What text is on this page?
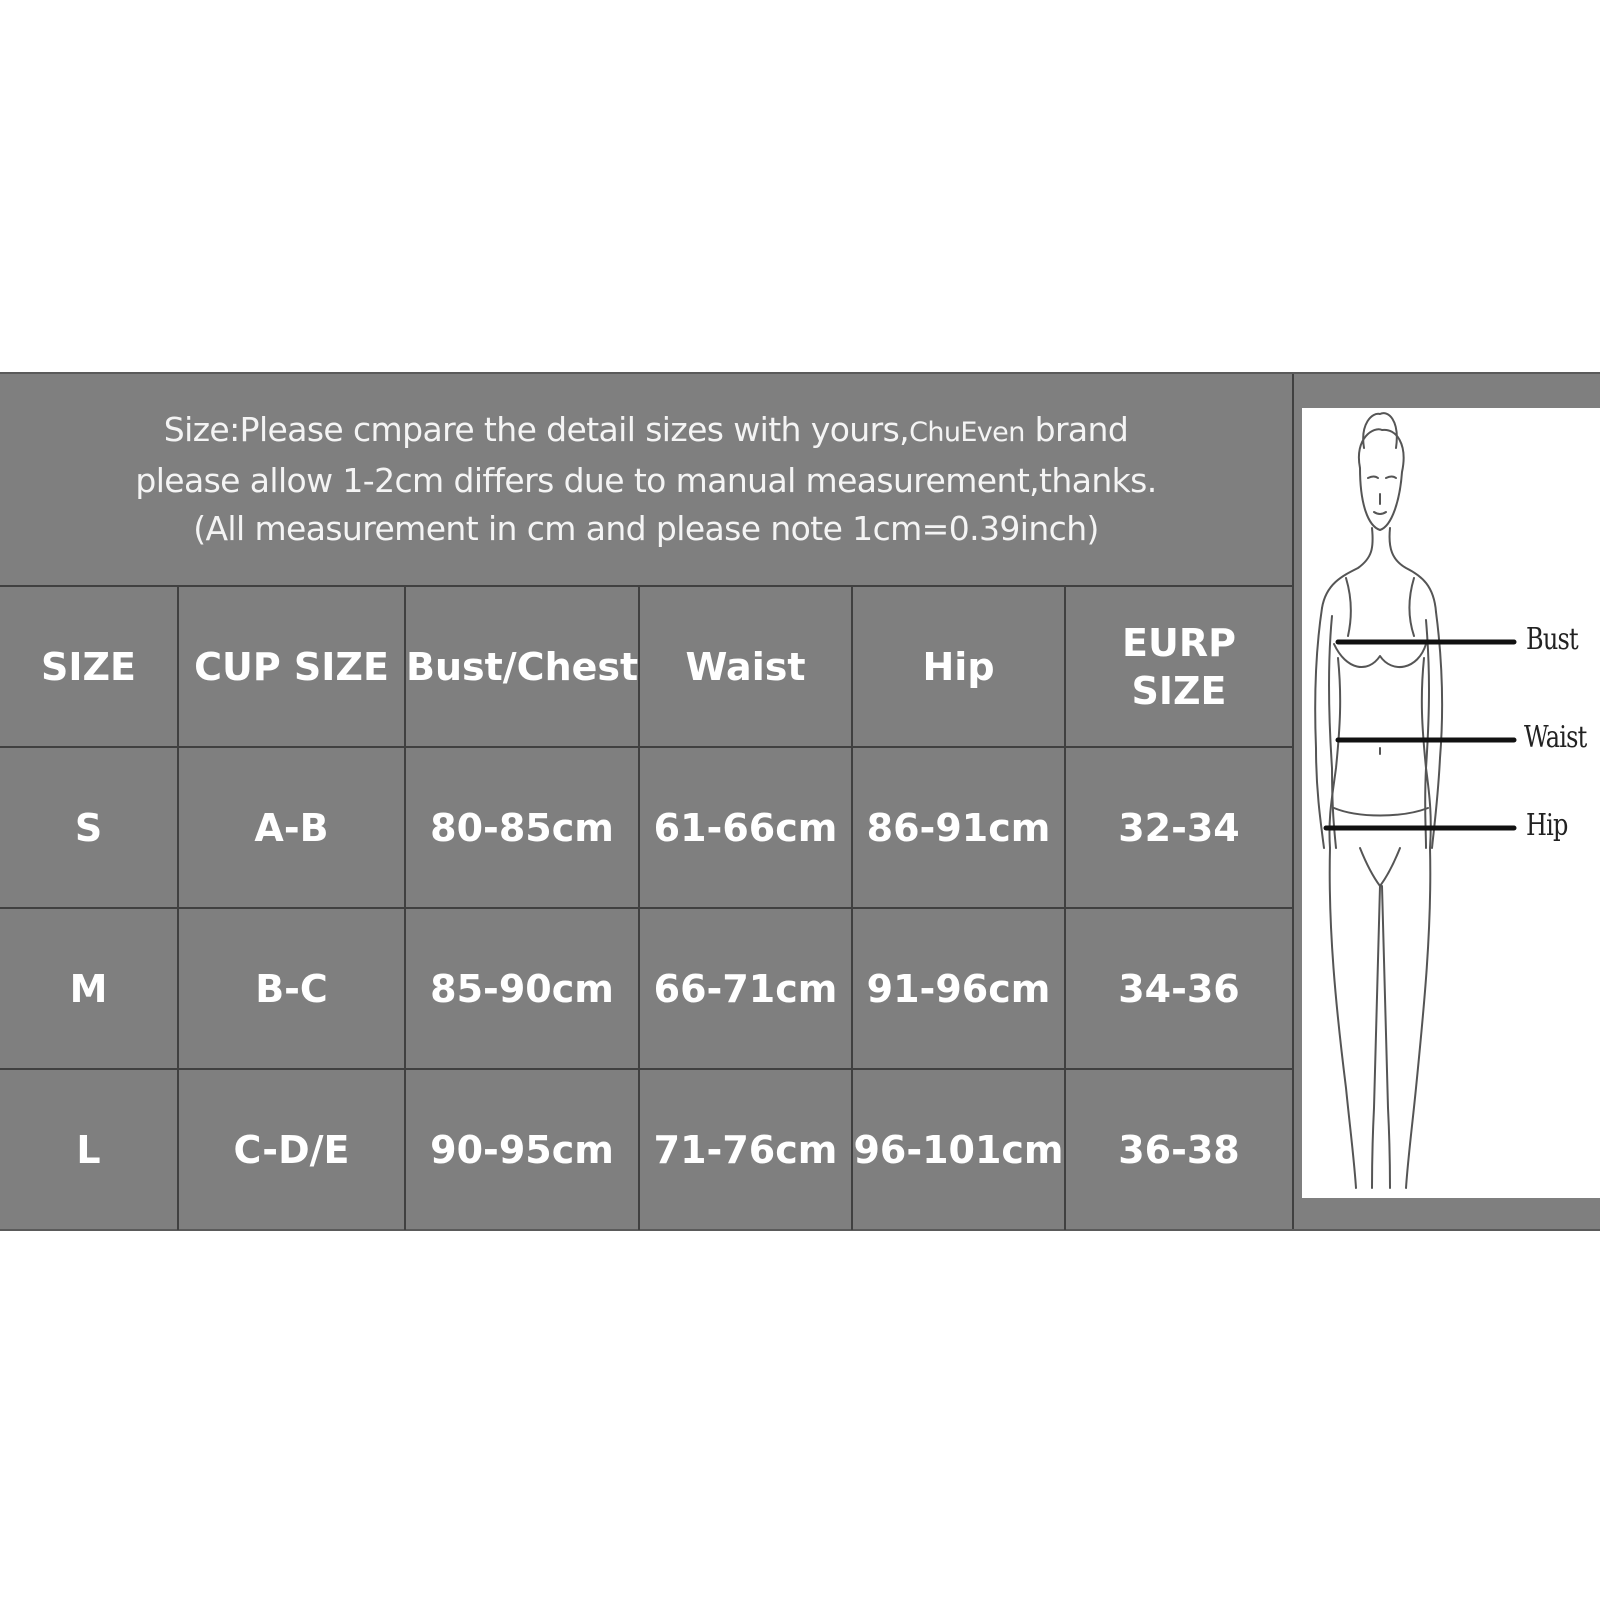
Size:Please cmpare the detail sizes with yours,ChuEven brand
please allow 1-2cm differs due to manual measurement,thanks.
(All measurement in cm and please note 1cm=0.39inch)
SIZE	CUP SIZE	Bust/Chest	Waist	Hip	EURP
SIZE
S	A-B	80-85cm	61-66cm	86-91cm	32-34
M	B-C	85-90cm	66-71cm	91-96cm	34-36
L	C-D/E	90-95cm	71-76cm	96-101cm	36-38
Bust
Waist
Hip
